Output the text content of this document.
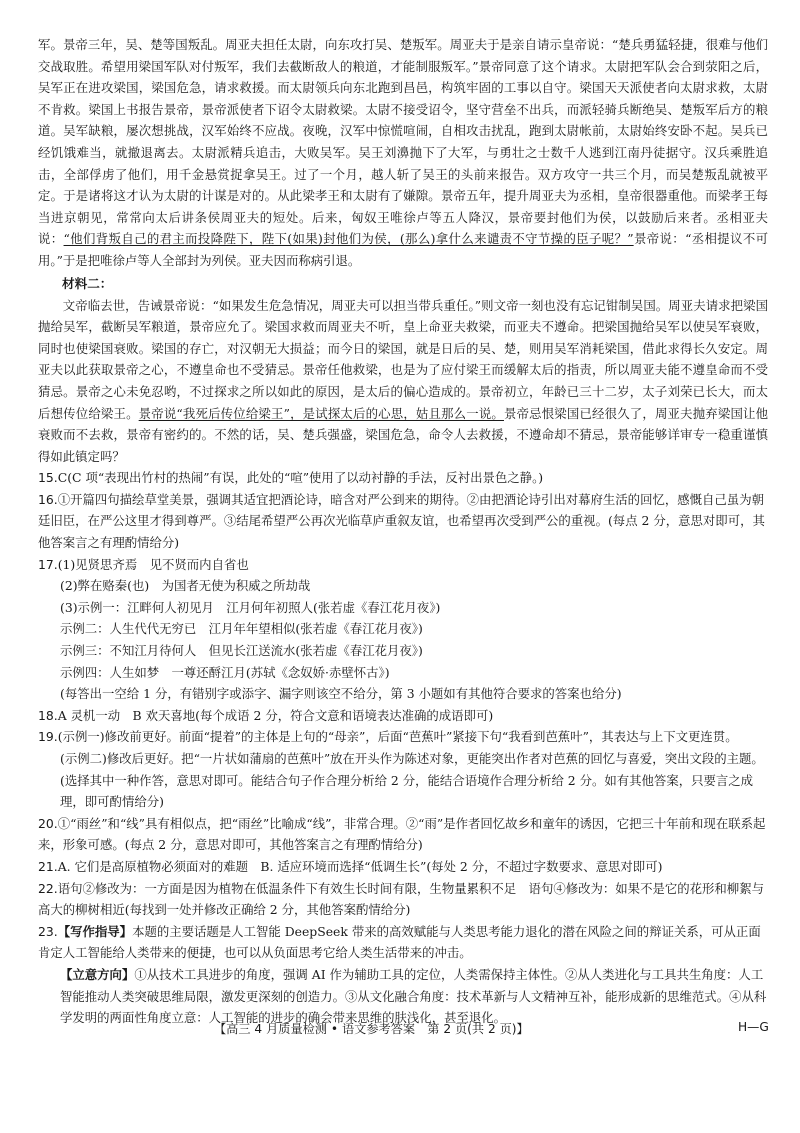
军。景帝三年，吴、楚等国叛乱。周亚夫担任太尉，向东攻打吴、楚叛军。周亚夫于是亲自请示皇帝说：“楚兵勇猛轻捷，很难与他们交战取胜。希望用梁国军队对付叛军，我们去截断敌人的粮道，才能制服叛军。”景帝同意了这个请求。太尉把军队会合到荥阳之后，吴军正在进攻梁国，梁国危急，请求救援。而太尉领兵向东北跑到昌邑，构筑牢固的工事以自守。梁国天天派使者向太尉求救，太尉不肯救。梁国上书报告景帝，景帝派使者下诏令太尉救梁。太尉不接受诏令，坚守营垒不出兵，而派轻骑兵断绝吴、楚叛军后方的粮道。吴军缺粮，屡次想挑战，汉军始终不应战。夜晚，汉军中惊慌喧闹，自相攻击扰乱，跑到太尉帐前，太尉始终安卧不起。吴兵已经饥饿难当，就撤退离去。太尉派精兵追击，大败吴军。吴王刘濞抛下了大军，与勇壮之士数千人逃到江南丹徒据守。汉兵乘胜追击，全部俘虏了他们，用千金悬赏捉拿吴王。过了一个月，越人斩了吴王的头前来报告。双方攻守一共三个月，而吴楚叛乱就被平定。于是诸将这才认为太尉的计谋是对的。从此梁孝王和太尉有了嫌隙。景帝五年，提升周亚夫为丞相，皇帝很器重他。而梁孝王每当进京朝见，常常向太后讲条侯周亚夫的短处。后来，匈奴王唯徐卢等五人降汉，景帝要封他们为侯，以鼓励后来者。丞相亚夫说：“他们背叛自己的君主而投降陛下，陛下(如果)封他们为侯，(那么)拿什么来谴责不守节操的臣子呢？”景帝说：“丞相提议不可用。”于是把唯徐卢等人全部封为列侯。亚夫因而称病引退。

材料二：

文帝临去世，告诫景帝说：“如果发生危急情况，周亚夫可以担当带兵重任。”则文帝一刻也没有忘记钳制吴国。周亚夫请求把梁国抛给吴军，截断吴军粮道，景帝应允了。梁国求救而周亚夫不听，皇上命亚夫救梁，而亚夫不遵命。把梁国抛给吴军以使吴军衰败，同时也使梁国衰败。梁国的存亡，对汉朝无大损益；而今日的梁国，就是日后的吴、楚，则用吴军消耗梁国，借此求得长久安定。周亚夫以此获取景帝之心，不遵皇命也不受猜忌。景帝任他救梁，也是为了应付梁王而缓解太后的指责，所以周亚夫能不遵皇命而不受猜忌。景帝之心未免忍哟，不过探求之所以如此的原因，是太后的偏心造成的。景帝初立，年龄已三十二岁，太子刘荣已长大，而太后想传位给梁王。景帝说“我死后传位给梁王”，是试探太后的心思，姑且那么一说。景帝忌恨梁国已经很久了，周亚夫抛弃梁国让他衰败而不去救，景帝有密约的。不然的话，吴、楚兵强盛，梁国危急，命令人去救援，不遵命却不猜忌，景帝能够详审专一稳重谨慎得如此镇定吗？

15.C(C 项“表现出竹村的热闹”有误，此处的“喧”使用了以动衬静的手法，反衬出景色之静。)

16.①开篇四句描绘草堂美景，强调其适宜把酒论诗，暗含对严公到来的期待。②由把酒论诗引出对幕府生活的回忆，感慨自己虽为朝廷旧臣，在严公这里才得到尊严。③结尾希望严公再次光临草庐重叙友谊，也希望再次受到严公的重视。(每点 2 分，意思对即可，其他答案言之有理酌情给分)

17.(1)见贤思齐焉　见不贤而内自省也

(2)弊在赂秦(也)　为国者无使为积威之所劫哉

(3)示例一：江畔何人初见月　江月何年初照人(张若虚《春江花月夜》)

示例二：人生代代无穷已　江月年年望相似(张若虚《春江花月夜》)

示例三：不知江月待何人　但见长江送流水(张若虚《春江花月夜》)

示例四：人生如梦　一尊还酹江月(苏轼《念奴娇·赤壁怀古》)

(每答出一空给 1 分，有错别字或添字、漏字则该空不给分，第 3 小题如有其他符合要求的答案也给分)

18.A 灵机一动　B 欢天喜地(每个成语 2 分，符合文意和语境表达准确的成语即可)

19.(示例一)修改前更好。前面“提着”的主体是上句的“母亲”，后面“芭蕉叶”紧接下句“我看到芭蕉叶”，其表达与上下文更连贯。

(示例二)修改后更好。把“一片状如蒲扇的芭蕉叶”放在开头作为陈述对象，更能突出作者对芭蕉的回忆与喜爱，突出文段的主题。(选择其中一种作答，意思对即可。能结合句子作合理分析给 2 分，能结合语境作合理分析给 2 分。如有其他答案，只要言之成理，即可酌情给分)

20.①“雨丝”和“线”具有相似点，把“雨丝”比喻成“线”，非常合理。②“雨”是作者回忆故乡和童年的诱因，它把三十年前和现在联系起来，形象可感。(每点 2 分，意思对即可，其他答案言之有理酌情给分)

21.A. 它们是高原植物必须面对的难题　B. 适应环境而选择“低调生长”(每处 2 分，不超过字数要求、意思对即可)

22.语句②修改为：一方面是因为植物在低温条件下有效生长时间有限，生物量累积不足　语句④修改为：如果不是它的花形和柳絮与高大的柳树相近(每找到一处并修改正确给 2 分，其他答案酌情给分)

23.【写作指导】本题的主要话题是人工智能 DeepSeek 带来的高效赋能与人类思考能力退化的潜在风险之间的辩证关系，可从正面肯定人工智能给人类带来的便捷，也可以从负面思考它给人类生活带来的冲击。

【立意方向】①从技术工具进步的角度，强调 AI 作为辅助工具的定位，人类需保持主体性。②从人类进化与工具共生角度：人工智能推动人类突破思维局限，激发更深刻的创造力。③从文化融合角度：技术革新与人文精神互补，能形成新的思维范式。④从科学发明的两面性角度立意：人工智能的进步的确会带来思维的肤浅化，甚至退化。

【高三 4 月质量检测 • 语文参考答案　第 2 页(共 2 页)】	H—G
